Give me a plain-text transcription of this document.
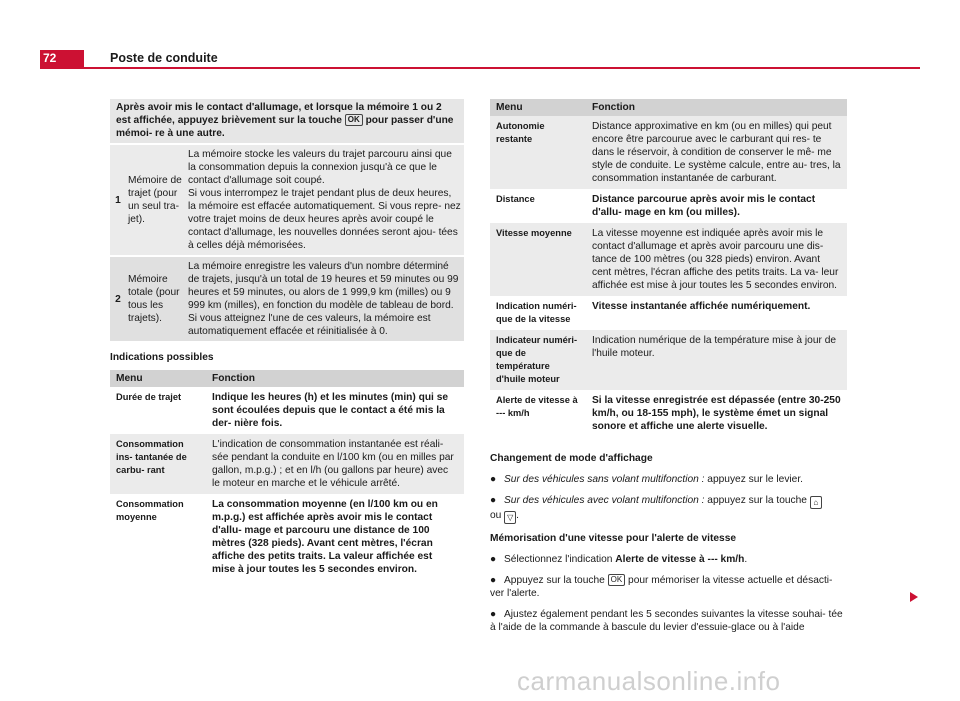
72	Poste de conduite
Après avoir mis le contact d'allumage, et lorsque la mémoire 1 ou 2 est affichée, appuyez brièvement sur la touche OK pour passer d'une mémoi- re à une autre.
1	Mémoire de trajet (pour un seul tra- jet).	La mémoire stocke les valeurs du trajet parcouru ainsi que la consommation depuis la connexion jusqu'à ce que le contact d'allumage soit coupé.
Si vous interrompez le trajet pendant plus de deux heures, la mémoire est effacée automatiquement. Si vous repre- nez votre trajet moins de deux heures après avoir coupé le contact d'allumage, les nouvelles données seront ajou- tées à celles déjà mémorisées.

2	Mémoire totale (pour tous les trajets).	La mémoire enregistre les valeurs d'un nombre déterminé de trajets, jusqu'à un total de 19 heures et 59 minutes ou 99 heures et 59 minutes, ou alors de 1 999,9 km (milles) ou 9 999 km (milles), en fonction du modèle de tableau de bord. Si vous atteignez l'une de ces valeurs, la mémoire est automatiquement effacée et réinitialisée à 0.
Indications possibles
Menu	Fonction
Durée de trajet	Indique les heures (h) et les minutes (min) qui se sont écoulées depuis que le contact a été mis la der- nière fois.
Consommation ins- tantanée de carbu- rant	L'indication de consommation instantanée est réali- sée pendant la conduite en l/100 km (ou en milles par gallon, m.p.g.) ; et en l/h (ou gallons par heure) avec le moteur en marche et le véhicule arrêté.
Consommation moyenne	La consommation moyenne (en l/100 km ou en m.p.g.) est affichée après avoir mis le contact d'allu- mage et parcouru une distance de 100 mètres (328 pieds). Avant cent mètres, l'écran affiche des petits traits. La valeur affichée est mise à jour toutes les 5 secondes environ.
Menu	Fonction
Autonomie restante	Distance approximative en km (ou en milles) qui peut encore être parcourue avec le carburant qui res- te dans le réservoir, à condition de conserver le mê- me style de conduite. Le système calcule, entre au- tres, la consommation instantanée de carburant.
Distance	Distance parcourue après avoir mis le contact d'allu- mage en km (ou milles).
Vitesse moyenne	La vitesse moyenne est indiquée après avoir mis le contact d'allumage et après avoir parcouru une dis- tance de 100 mètres (ou 328 pieds) environ. Avant cent mètres, l'écran affiche des petits traits. La va- leur affichée est mise à jour toutes les 5 secondes environ.
Indication numéri- que de la vitesse	Vitesse instantanée affichée numériquement.
Indicateur numéri- que de température d'huile moteur	Indication numérique de la température mise à jour de l'huile moteur.
Alerte de vitesse à --- km/h	Si la vitesse enregistrée est dépassée (entre 30-250 km/h, ou 18-155 mph), le système émet un signal sonore et affiche une alerte visuelle.

Changement de mode d'affichage

● Sur des véhicules sans volant multifonction : appuyez sur le levier.

● Sur des véhicules avec volant multifonction : appuyez sur la touche ⌂
ou ▽ .

Mémorisation d'une vitesse pour l'alerte de vitesse

● Sélectionnez l'indication Alerte de vitesse à --- km/h.

● Appuyez sur la touche OK pour mémoriser la vitesse actuelle et désacti- ver l'alerte.

● Ajustez également pendant les 5 secondes suivantes la vitesse souhai- tée à l'aide de la commande à bascule du levier d'essuie-glace ou à l'aide

carmanualsonline.info
